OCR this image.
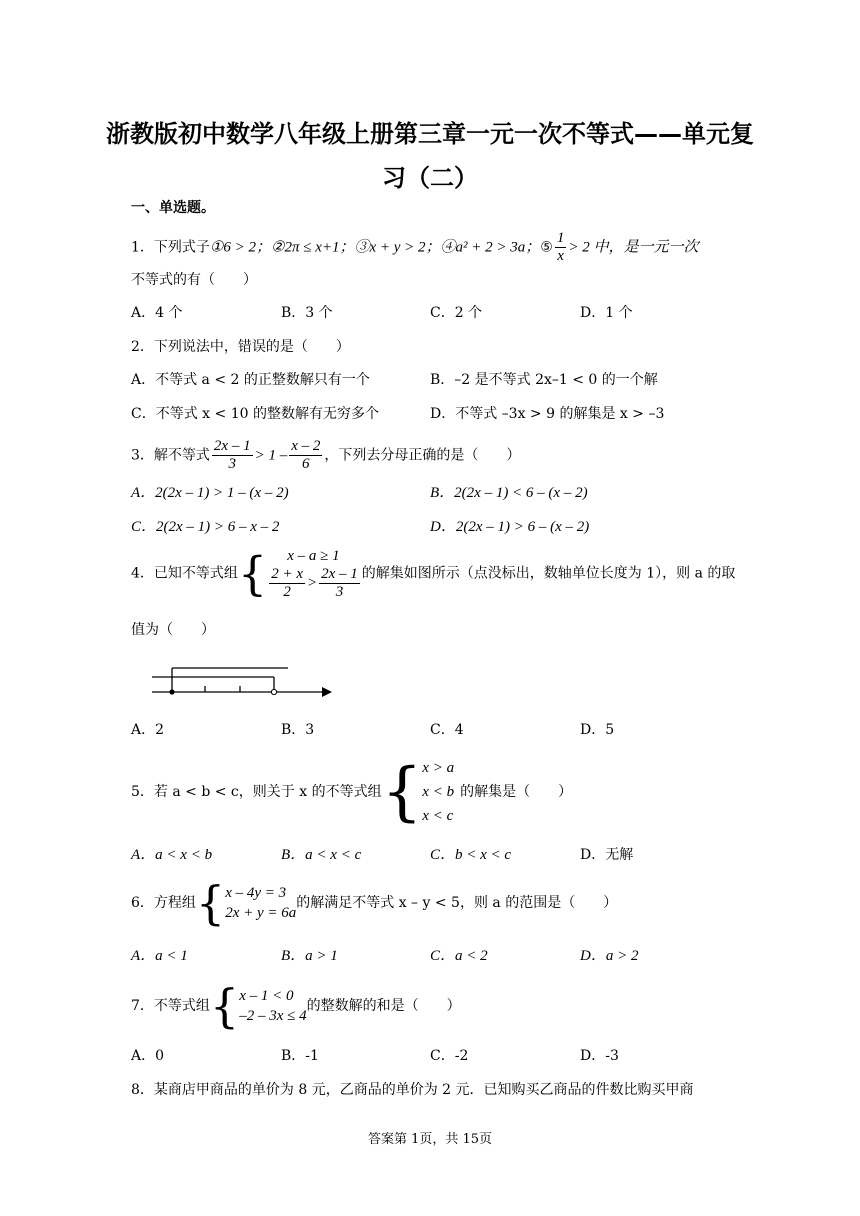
浙教版初中数学八年级上册第三章一元一次不等式——单元复
习（二）
一、单选题。
1．下列式子①6 > 2；②2π ≤ x+1；③x + y > 2；④a² + 2 > 3a；⑤ $\frac{1}{x} > 2$ 中，是一元一次
不等式的有（　　）
A．4 个	B．3 个	C．2 个	D．1 个
2．下列说法中，错误的是（　　）
A．不等式 a < 2 的正整数解只有一个	B．–2 是不等式 2x–1 < 0 的一个解
C．不等式 x < 10 的整数解有无穷多个	D．不等式 –3x > 9 的解集是 x > –3
3．解不等式 $\frac{2x - 1}{3} > 1 - \frac{x - 2}{6}$ ，下列去分母正确的是（　　）
A．2(2x – 1) > 1 – (x – 2)	B．2(2x – 1) < 6 – (x – 2)
C．2(2x – 1) > 6 – x – 2	D．2(2x – 1) > 6 – (x – 2)
4．已知不等式组{	x – a ≥ 1
$\frac{2 + x}{2} > \frac{2x - 1}{3}$ 的解集如图所示（点没标出，数轴单位长度为 1），则 a 的取
值为（　　）
A．2	B．3	C．4	D．5
5．若 a < b < c，则关于 x 的不等式组{ x > a
x < b
x < c
的解集是（　　）
A．a < x < b	B．a < x < c	C．b < x < c	D．无解
6．方程组{ x – 4y = 3
2x + y = 6a
的解满足不等式 x – y < 5，则 a 的范围是（　　）
A．a < 1	B．a > 1	C．a < 2	D．a > 2
7．不等式组{ x – 1 < 0
–2 – 3x ≤ 4
的整数解的和是（　　）
A．0	B．-1	C．-2	D．-3
8．某商店甲商品的单价为 8 元，乙商品的单价为 2 元．已知购买乙商品的件数比购买甲商
答案第 1页，共 15页
